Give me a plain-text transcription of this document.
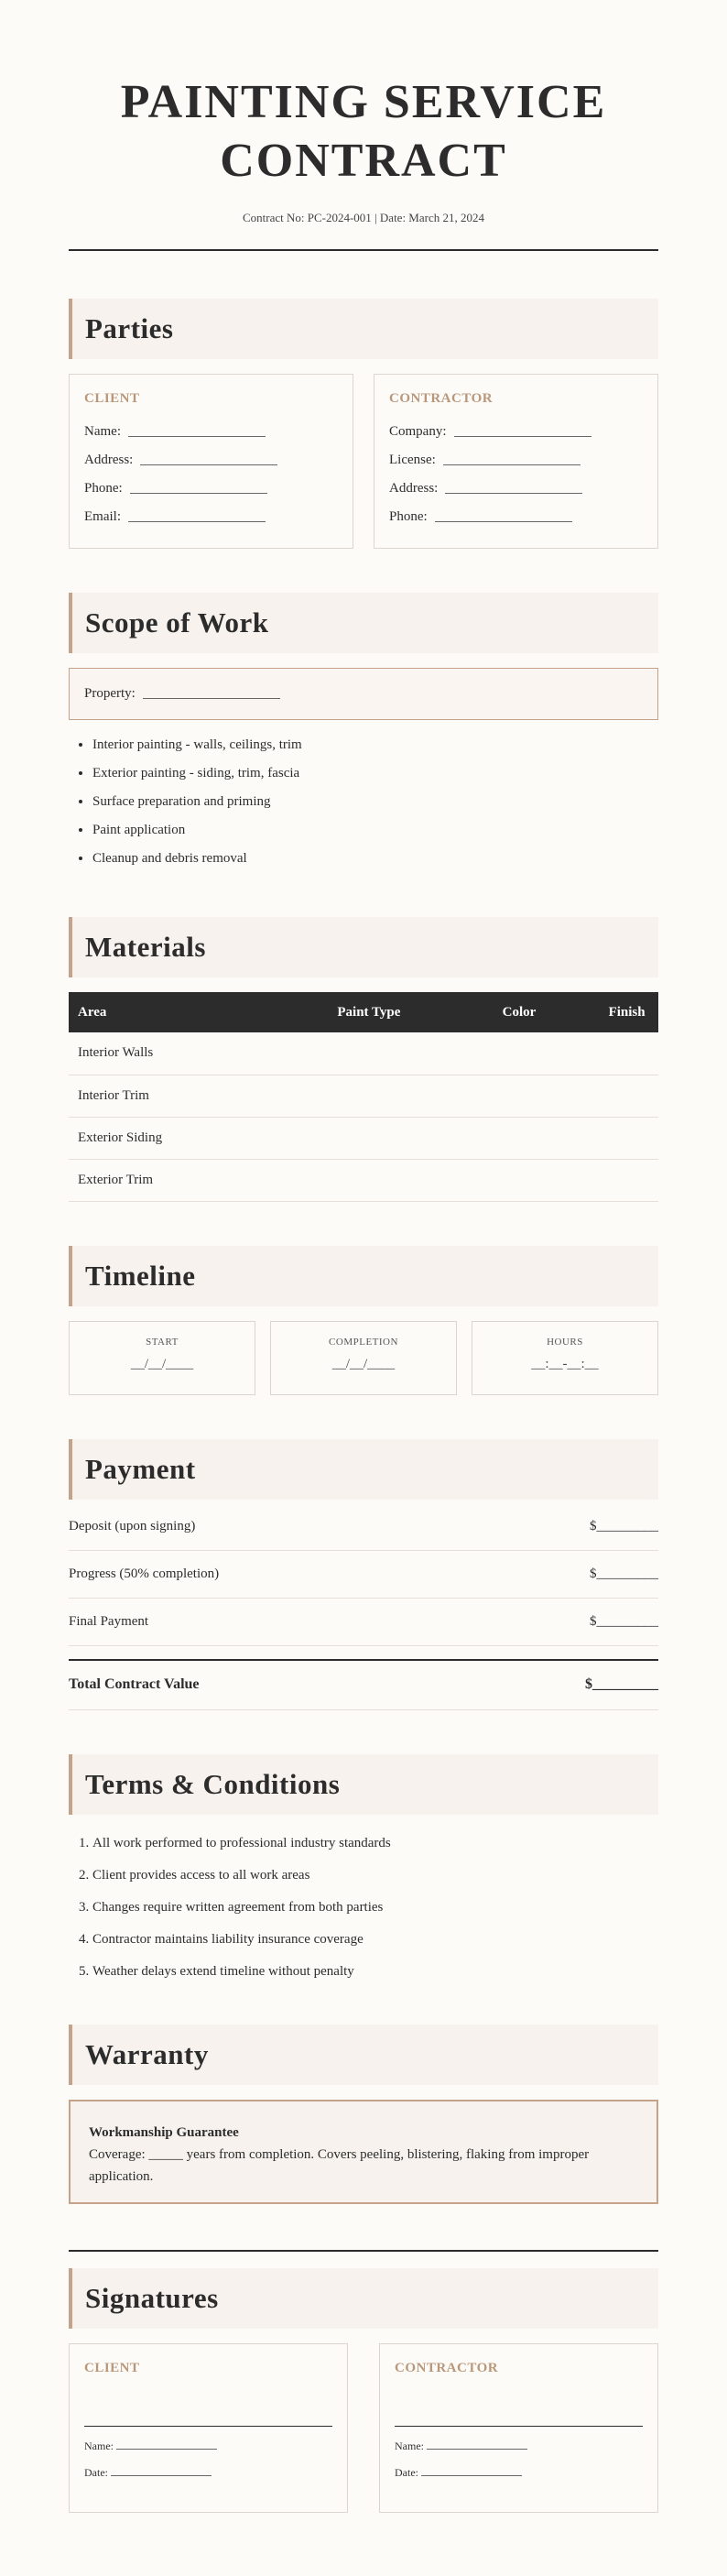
PAINTING SERVICE
CONTRACT
Contract No: PC-2024-001 | Date: March 21, 2024
Parties
CLIENT
Name:
Address:
Phone:
Email:
CONTRACTOR
Company:
License:
Address:
Phone:
Scope of Work
Property:
• Interior painting - walls, ceilings, trim
• Exterior painting - siding, trim, fascia
• Surface preparation and priming
• Paint application
• Cleanup and debris removal
Materials
Area	Paint Type	Color	Finish
Interior Walls			
Interior Trim			
Exterior Siding			
Exterior Trim			
Timeline
START
__/__/____
COMPLETION
__/__/____
HOURS
__:__-__:__
Payment
Deposit (upon signing)	$_________
Progress (50% completion)	$_________
Final Payment	$_________
Total Contract Value	$_________
Terms & Conditions
1. All work performed to professional industry standards
2. Client provides access to all work areas
3. Changes require written agreement from both parties
4. Contractor maintains liability insurance coverage
5. Weather delays extend timeline without penalty
Warranty
Workmanship Guarantee
Coverage: _____ years from completion. Covers peeling, blistering, flaking from improper application.
Signatures
CLIENT
Name:
Date:
CONTRACTOR
Name:
Date:
